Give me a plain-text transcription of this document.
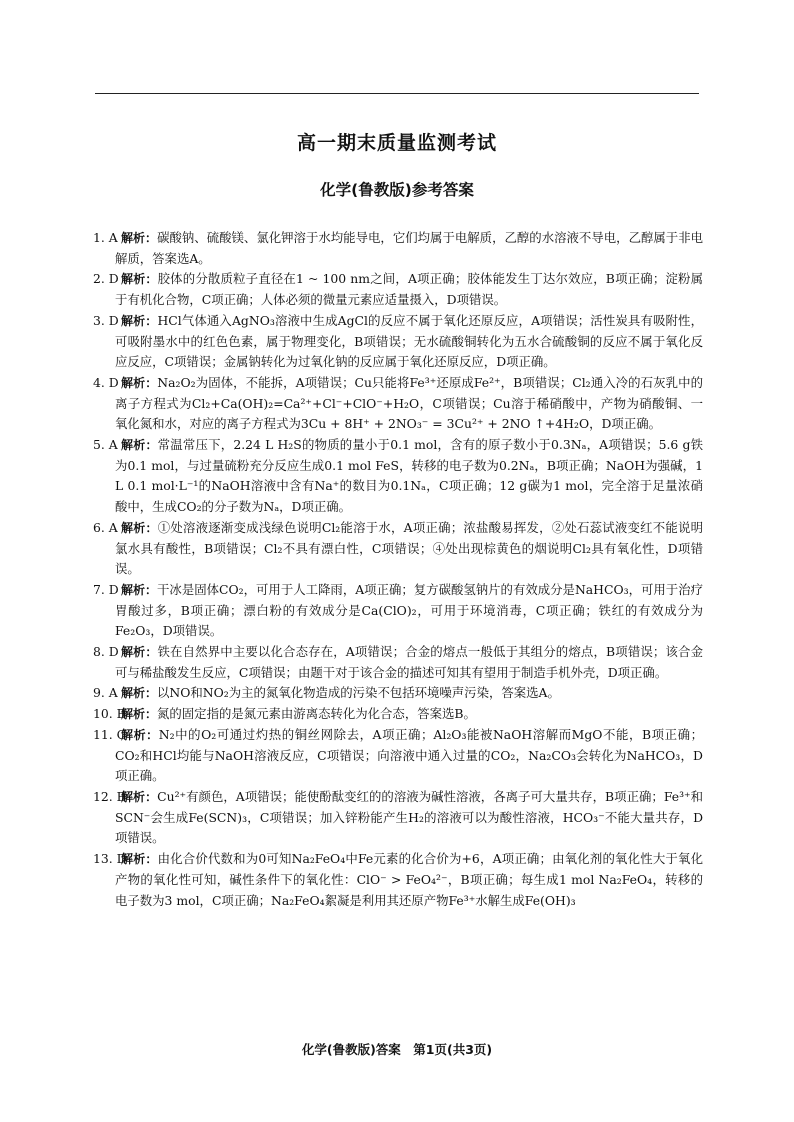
高一期末质量监测考试
化学(鲁教版)参考答案
1. A 解析：碳酸钠、硫酸镁、氯化钾溶于水均能导电，它们均属于电解质，乙醇的水溶液不导电，乙醇属于非电解质，答案选A。
2. D 解析：胶体的分散质粒子直径在1 ~ 100 nm之间，A项正确；胶体能发生丁达尔效应，B项正确；淀粉属于有机化合物，C项正确；人体必须的微量元素应适量摄入，D项错误。
3. D 解析：HCl气体通入AgNO₃溶液中生成AgCl的反应不属于氧化还原反应，A项错误；活性炭具有吸附性，可吸附墨水中的红色色素，属于物理变化，B项错误；无水硫酸铜转化为五水合硫酸铜的反应不属于氧化反应反应，C项错误；金属钠转化为过氧化钠的反应属于氧化还原反应，D项正确。
4. D 解析：Na₂O₂为固体，不能拆，A项错误；Cu只能将Fe³⁺还原成Fe²⁺，B项错误；Cl₂通入冷的石灰乳中的离子方程式为Cl₂+Ca(OH)₂=Ca²⁺+Cl⁻+ClO⁻+H₂O，C项错误；Cu溶于稀硝酸中，产物为硝酸铜、一氧化氮和水，对应的离子方程式为3Cu + 8H⁺ + 2NO₃⁻ = 3Cu²⁺ + 2NO ↑+4H₂O，D项正确。
5. A 解析：常温常压下，2.24 L H₂S的物质的量小于0.1 mol，含有的原子数小于0.3Nₐ，A项错误；5.6 g铁为0.1 mol，与过量硫粉充分反应生成0.1 mol FeS，转移的电子数为0.2Nₐ，B项正确；NaOH为强碱，1 L 0.1 mol·L⁻¹的NaOH溶液中含有Na⁺的数目为0.1Nₐ，C项正确；12 g碳为1 mol，完全溶于足量浓硝酸中，生成CO₂的分子数为Nₐ，D项正确。
6. A 解析：①处溶液逐渐变成浅绿色说明Cl₂能溶于水，A项正确；浓盐酸易挥发，②处石蕊试液变红不能说明氯水具有酸性，B项错误；Cl₂不具有漂白性，C项错误；④处出现棕黄色的烟说明Cl₂具有氧化性，D项错误。
7. D 解析：干冰是固体CO₂，可用于人工降雨，A项正确；复方碳酸氢钠片的有效成分是NaHCO₃，可用于治疗胃酸过多，B项正确；漂白粉的有效成分是Ca(ClO)₂，可用于环境消毒，C项正确；铁红的有效成分为Fe₂O₃，D项错误。
8. D 解析：铁在自然界中主要以化合态存在，A项错误；合金的熔点一般低于其组分的熔点，B项错误；该合金可与稀盐酸发生反应，C项错误；由题干对于该合金的描述可知其有望用于制造手机外壳，D项正确。
9. A 解析：以NO和NO₂为主的氮氧化物造成的污染不包括环境噪声污染，答案选A。
10. B
解析：氮的固定指的是氮元素由游离态转化为化合态，答案选B。
11. C
解析：N₂中的O₂可通过灼热的铜丝网除去，A项正确；Al₂O₃能被NaOH溶解而MgO不能，B项正确；CO₂和HCl均能与NaOH溶液反应，C项错误；向溶液中通入过量的CO₂，Na₂CO₃会转化为NaHCO₃，D项正确。
12. B
解析：Cu²⁺有颜色，A项错误；能使酚酞变红的的溶液为碱性溶液，各离子可大量共存，B项正确；Fe³⁺和SCN⁻会生成Fe(SCN)₃，C项错误；加入锌粉能产生H₂的溶液可以为酸性溶液，HCO₃⁻不能大量共存，D项错误。
13. D
解析：由化合价代数和为0可知Na₂FeO₄中Fe元素的化合价为+6，A项正确；由氧化剂的氧化性大于氧化产物的氧化性可知，碱性条件下的氧化性：ClO⁻ > FeO₄²⁻，B项正确；每生成1 mol Na₂FeO₄，转移的电子数为3 mol，C项正确；Na₂FeO₄絮凝是利用其还原产物Fe³⁺水解生成Fe(OH)₃
化学(鲁教版)答案　第1页(共3页)
